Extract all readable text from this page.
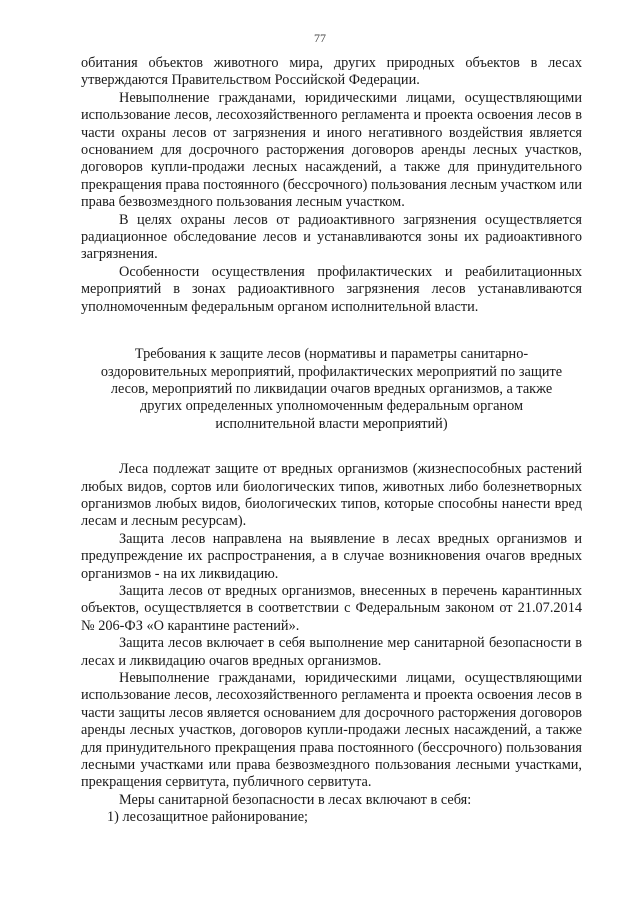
77

обитания объектов животного мира, других природных объектов в лесах утверждаются Правительством Российской Федерации.

Невыполнение гражданами, юридическими лицами, осуществляющими использование лесов, лесохозяйственного регламента и проекта освоения лесов в части охраны лесов от загрязнения и иного негативного воздействия является основанием для досрочного расторжения договоров аренды лесных участков, договоров купли-продажи лесных насаждений, а также для принудительного прекращения права постоянного (бессрочного) пользования лесным участком или права безвозмездного пользования лесным участком.

В целях охраны лесов от радиоактивного загрязнения осуществляется радиационное обследование лесов и устанавливаются зоны их радиоактивного загрязнения.

Особенности осуществления профилактических и реабилитационных мероприятий в зонах радиоактивного загрязнения лесов устанавливаются уполномоченным федеральным органом исполнительной власти.

Требования к защите лесов (нормативы и параметры санитарно-оздоровительных мероприятий, профилактических мероприятий по защите лесов, мероприятий по ликвидации очагов вредных организмов, а также других определенных уполномоченным федеральным органом исполнительной власти мероприятий)

Леса подлежат защите от вредных организмов (жизнеспособных растений любых видов, сортов или биологических типов, животных либо болезнетворных организмов любых видов, биологических типов, которые способны нанести вред лесам и лесным ресурсам).

Защита лесов направлена на выявление в лесах вредных организмов и предупреждение их распространения, а в случае возникновения очагов вредных организмов - на их ликвидацию.

Защита лесов от вредных организмов, внесенных в перечень карантинных объектов, осуществляется в соответствии с Федеральным законом от 21.07.2014 № 206-ФЗ «О карантине растений».

Защита лесов включает в себя выполнение мер санитарной безопасности в лесах и ликвидацию очагов вредных организмов.

Невыполнение гражданами, юридическими лицами, осуществляющими использование лесов, лесохозяйственного регламента и проекта освоения лесов в части защиты лесов является основанием для досрочного расторжения договоров аренды лесных участков, договоров купли-продажи лесных насаждений, а также для принудительного прекращения права постоянного (бессрочного) пользования лесными участками или права безвозмездного пользования лесными участками, прекращения сервитута, публичного сервитута.

Меры санитарной безопасности в лесах включают в себя:

1) лесозащитное районирование;
